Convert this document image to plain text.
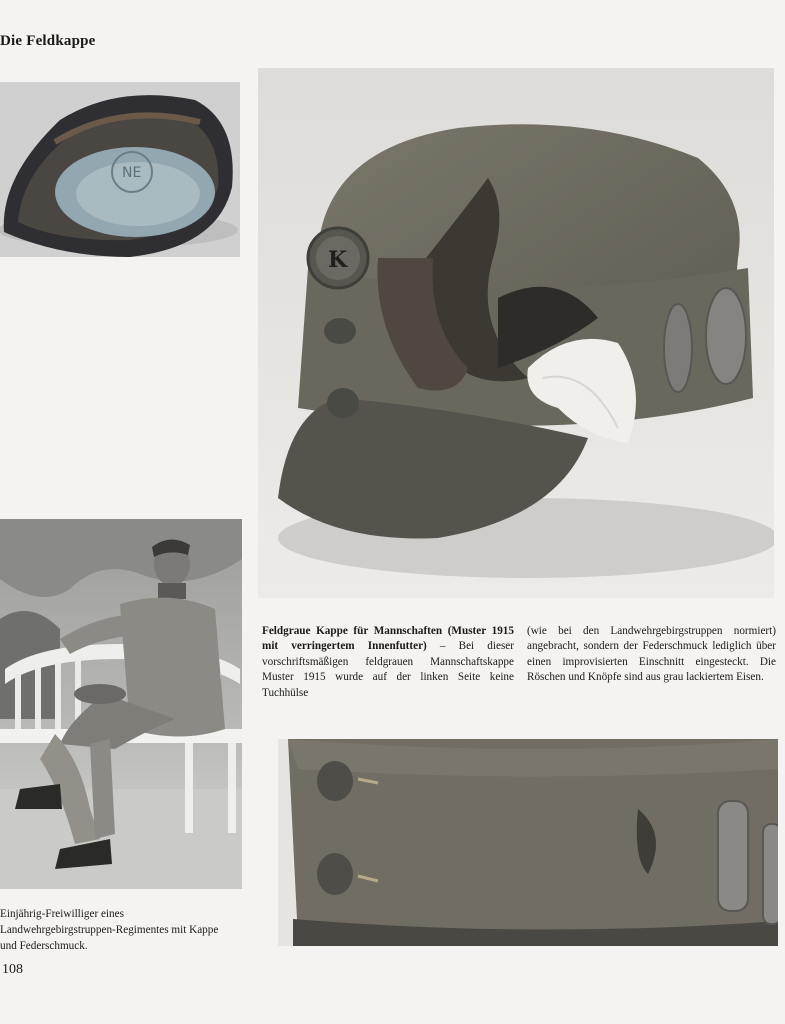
Die Feldkappe
NE
K
Feldgraue Kappe für Mannschaften (Muster 1915 mit verringertem Innenfutter) – Bei dieser vorschriftsmäßigen feldgrauen Mannschaftskappe Muster 1915 wurde auf der linken Seite keine Tuchhülse
(wie bei den Landwehrgebirgstruppen normiert) angebracht, sondern der Federschmuck lediglich über einen improvisierten Einschnitt eingesteckt. Die Röschen und Knöpfe sind aus grau lackiertem Eisen.
Einjährig-Freiwilliger eines Landwehrgebirgstruppen-Regimentes mit Kappe und Federschmuck.
108
